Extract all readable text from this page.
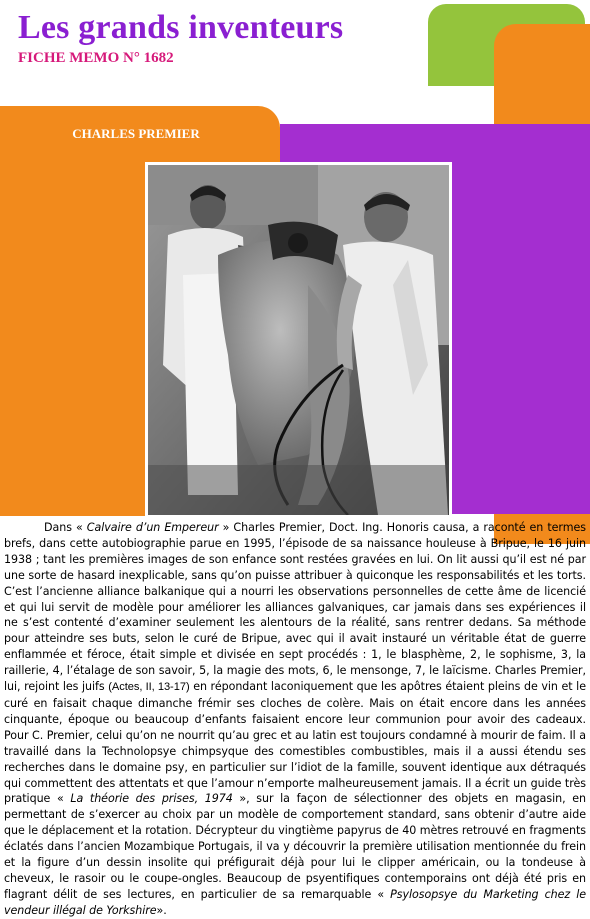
Les grands inventeurs
FICHE MEMO N° 1682
CHARLES PREMIER
Dans « Calvaire d’un Empereur » Charles Premier, Doct. Ing. Honoris causa, a raconté en termes brefs, dans cette autobiographie parue en 1995, l’épisode de sa naissance houleuse à Bripue, le 16 juin 1938 ; tant les premières images de son enfance sont restées gravées en lui. On lit aussi qu’il est né par une sorte de hasard inexplicable, sans qu’on puisse attribuer à quiconque les responsabilités et les torts. C’est l’ancienne alliance balkanique qui a nourri les observations personnelles de cette âme de licencié et qui lui servit de modèle pour améliorer les alliances galvaniques, car jamais dans ses expériences il ne s’est contenté d’examiner seulement les alentours de la réalité, sans rentrer dedans. Sa méthode pour atteindre ses buts, selon le curé de Bripue, avec qui il avait instauré un véritable état de guerre enflammée et féroce, était simple et divisée en sept procédés : 1, le blasphème, 2, le sophisme, 3, la raillerie, 4, l’étalage de son savoir, 5, la magie des mots, 6, le mensonge, 7, le laïcisme. Charles Premier, lui, rejoint les juifs (Actes, II, 13-17) en répondant laconiquement que les apôtres étaient pleins de vin et le curé en faisait chaque dimanche frémir ses cloches de colère. Mais on était encore dans les années cinquante, époque ou beaucoup d’enfants faisaient encore leur communion pour avoir des cadeaux. Pour C. Premier, celui qu’on ne nourrit qu’au grec et au latin est toujours condamné à mourir de faim. Il a travaillé dans la Technolopsye chimpsyque des comestibles combustibles, mais il a aussi étendu ses recherches dans le domaine psy, en particulier sur l’idiot de la famille, souvent identique aux détraqués qui commettent des attentats et que l’amour n’emporte malheureusement jamais. Il a écrit un guide très pratique « La théorie des prises, 1974 », sur la façon de sélectionner des objets en magasin, en permettant de s’exercer au choix par un modèle de comportement standard, sans obtenir d’autre aide que le déplacement et la rotation. Décrypteur du vingtième papyrus de 40 mètres retrouvé en fragments éclatés dans l’ancien Mozambique Portugais, il va y découvrir la première utilisation mentionnée du frein et la figure d’un dessin insolite qui préfigurait déjà pour lui le clipper américain, ou la tondeuse à cheveux, le rasoir ou le coupe-ongles. Beaucoup de psyentifiques contemporains ont déjà été pris en flagrant délit de ses lectures, en particulier de sa remarquable « Psylosopsye du Marketing chez le vendeur illégal de Yorkshire».
